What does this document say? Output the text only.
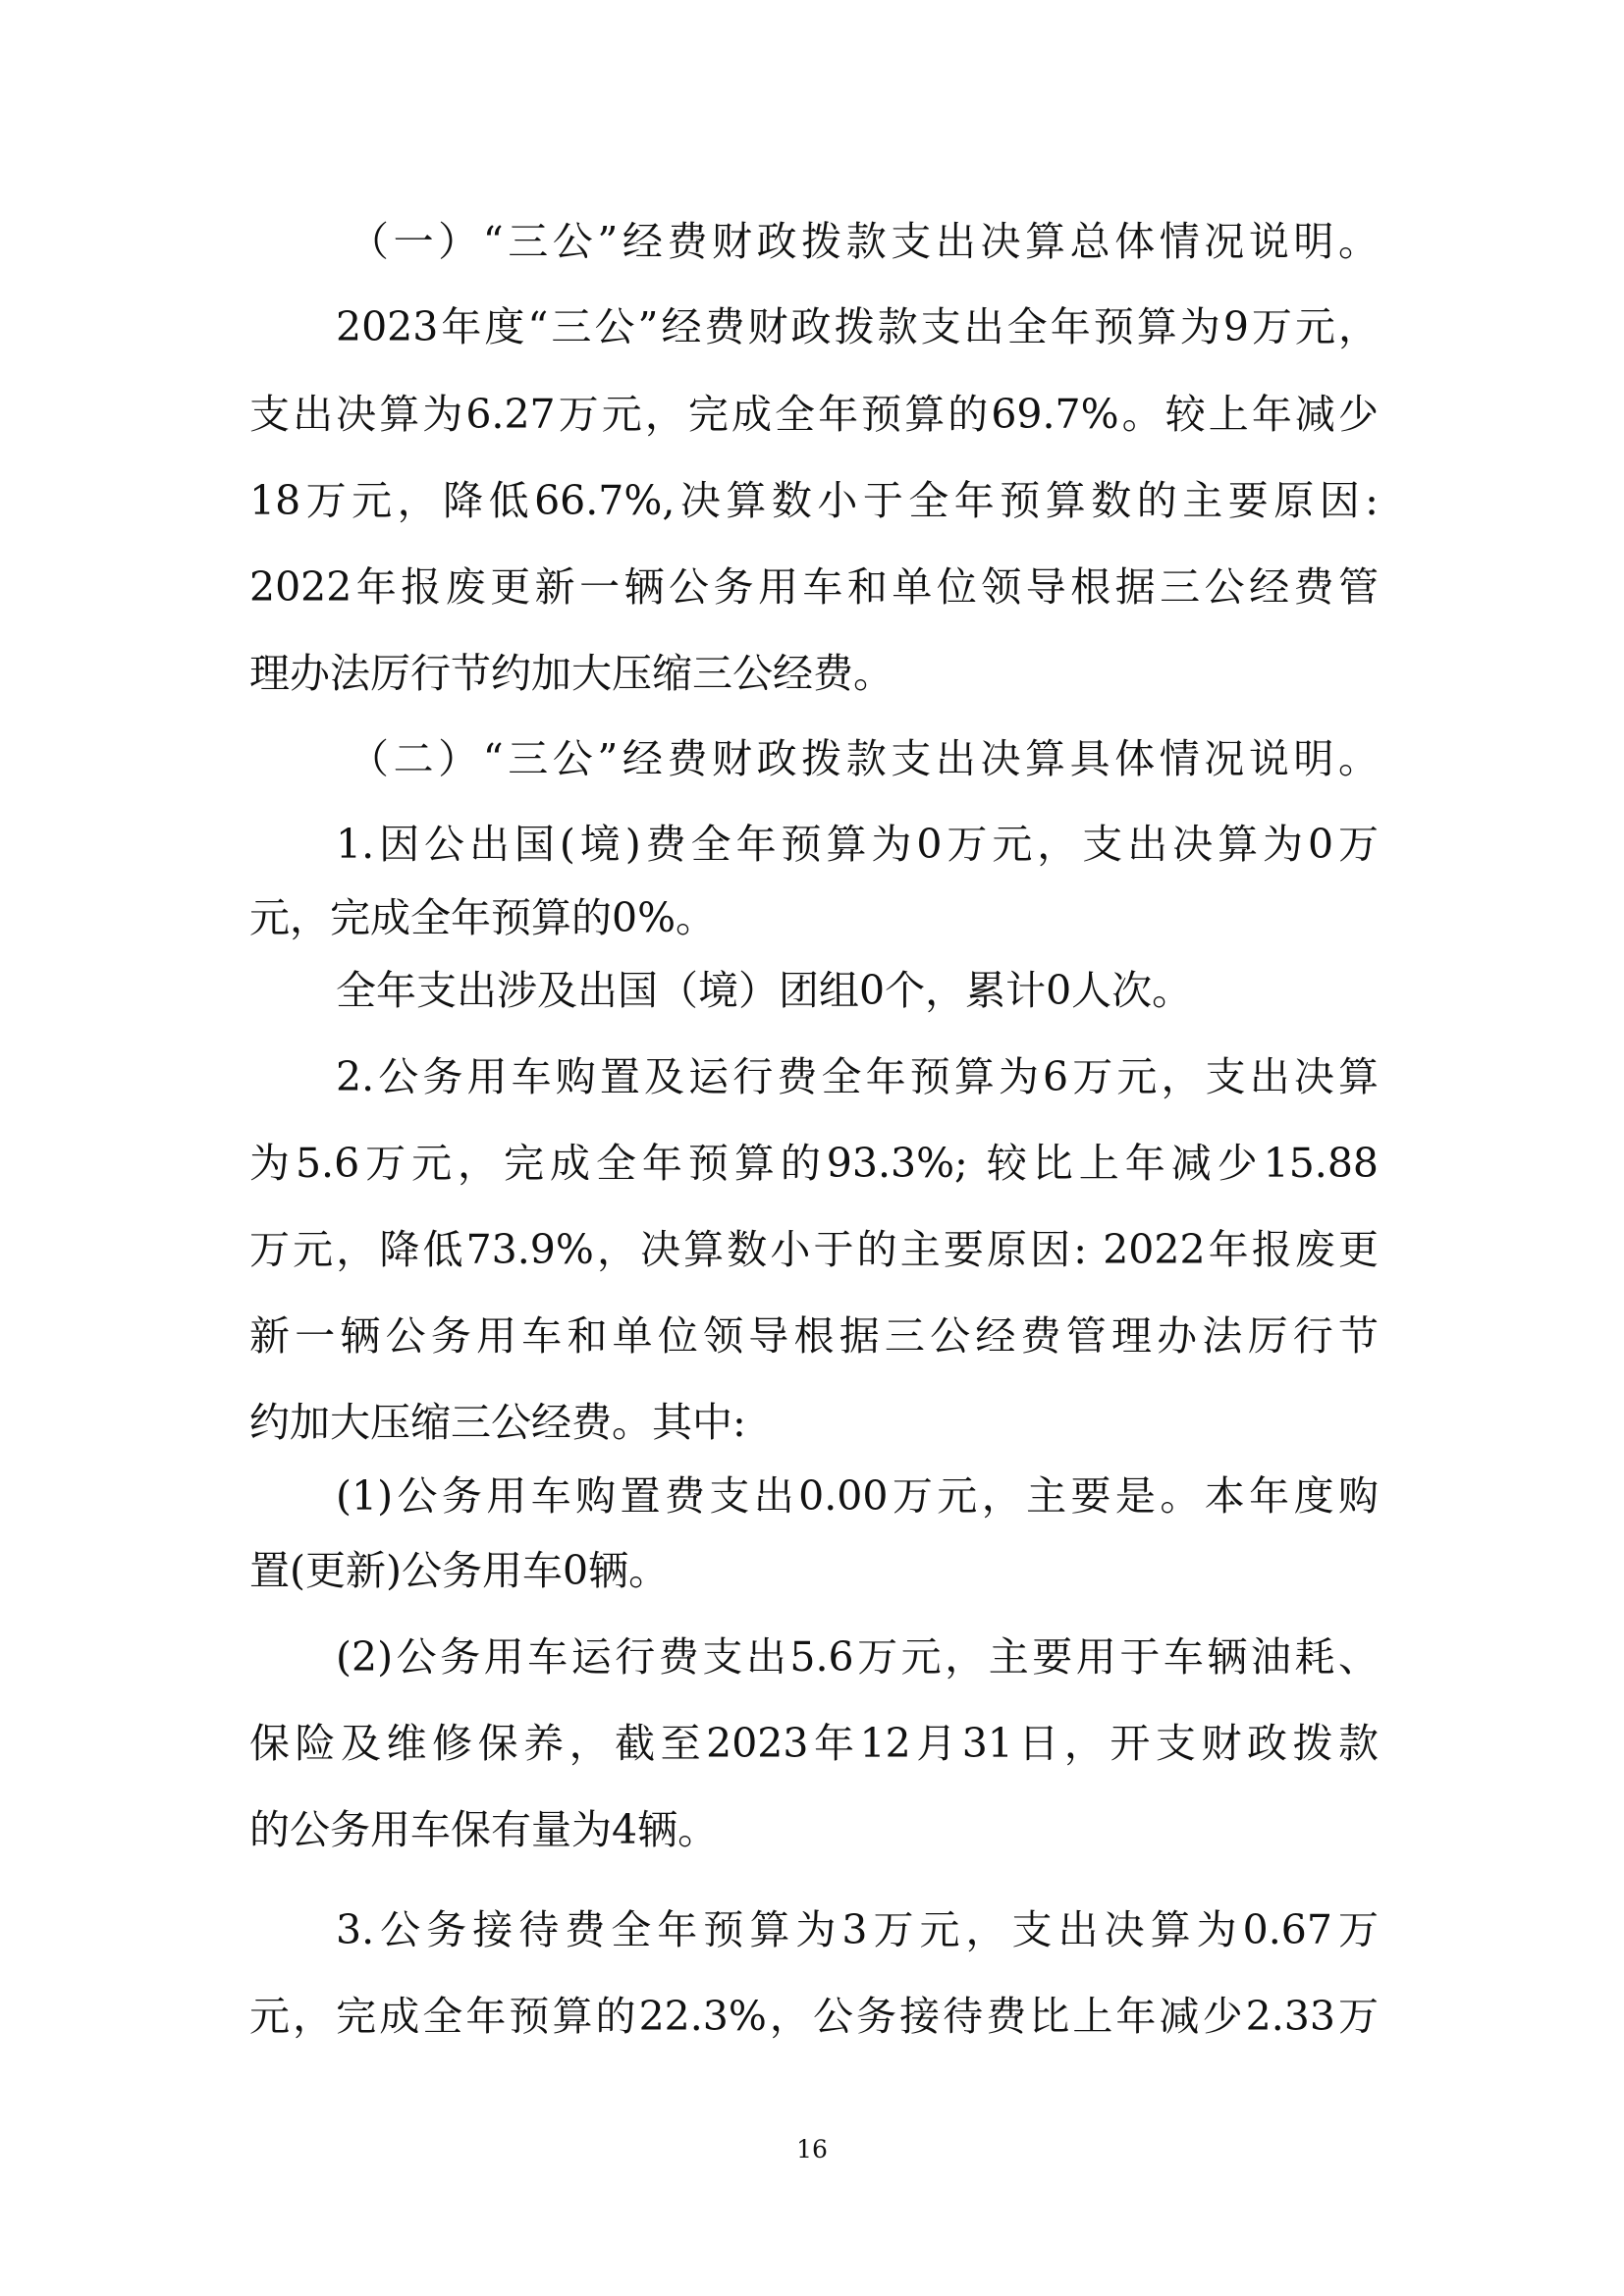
（一）“三公”经费财政拨款支出决算总体情况说明。
2023年度“三公”经费财政拨款支出全年预算为9万元，
支出决算为6.27万元，完成全年预算的69.7%。较上年减少
18万元，降低66.7%,决算数小于全年预算数的主要原因:
2022年报废更新一辆公务用车和单位领导根据三公经费管
理办法厉行节约加大压缩三公经费。
（二）“三公”经费财政拨款支出决算具体情况说明。
1.因公出国(境)费全年预算为0万元，支出决算为0万
元，完成全年预算的0%。
全年支出涉及出国（境）团组0个，累计0人次。
2.公务用车购置及运行费全年预算为6万元，支出决算
为5.6万元，完成全年预算的93.3%; 较比上年减少15.88
万元，降低73.9%，决算数小于的主要原因: 2022年报废更
新一辆公务用车和单位领导根据三公经费管理办法厉行节
约加大压缩三公经费。其中:
(1)公务用车购置费支出0.00万元，主要是。本年度购
置(更新)公务用车0辆。
(2)公务用车运行费支出5.6万元，主要用于车辆油耗、
保险及维修保养，截至2023年12月31日，开支财政拨款
的公务用车保有量为4辆。
3.公务接待费全年预算为3万元，支出决算为0.67万
元，完成全年预算的22.3%，公务接待费比上年减少2.33万
16
